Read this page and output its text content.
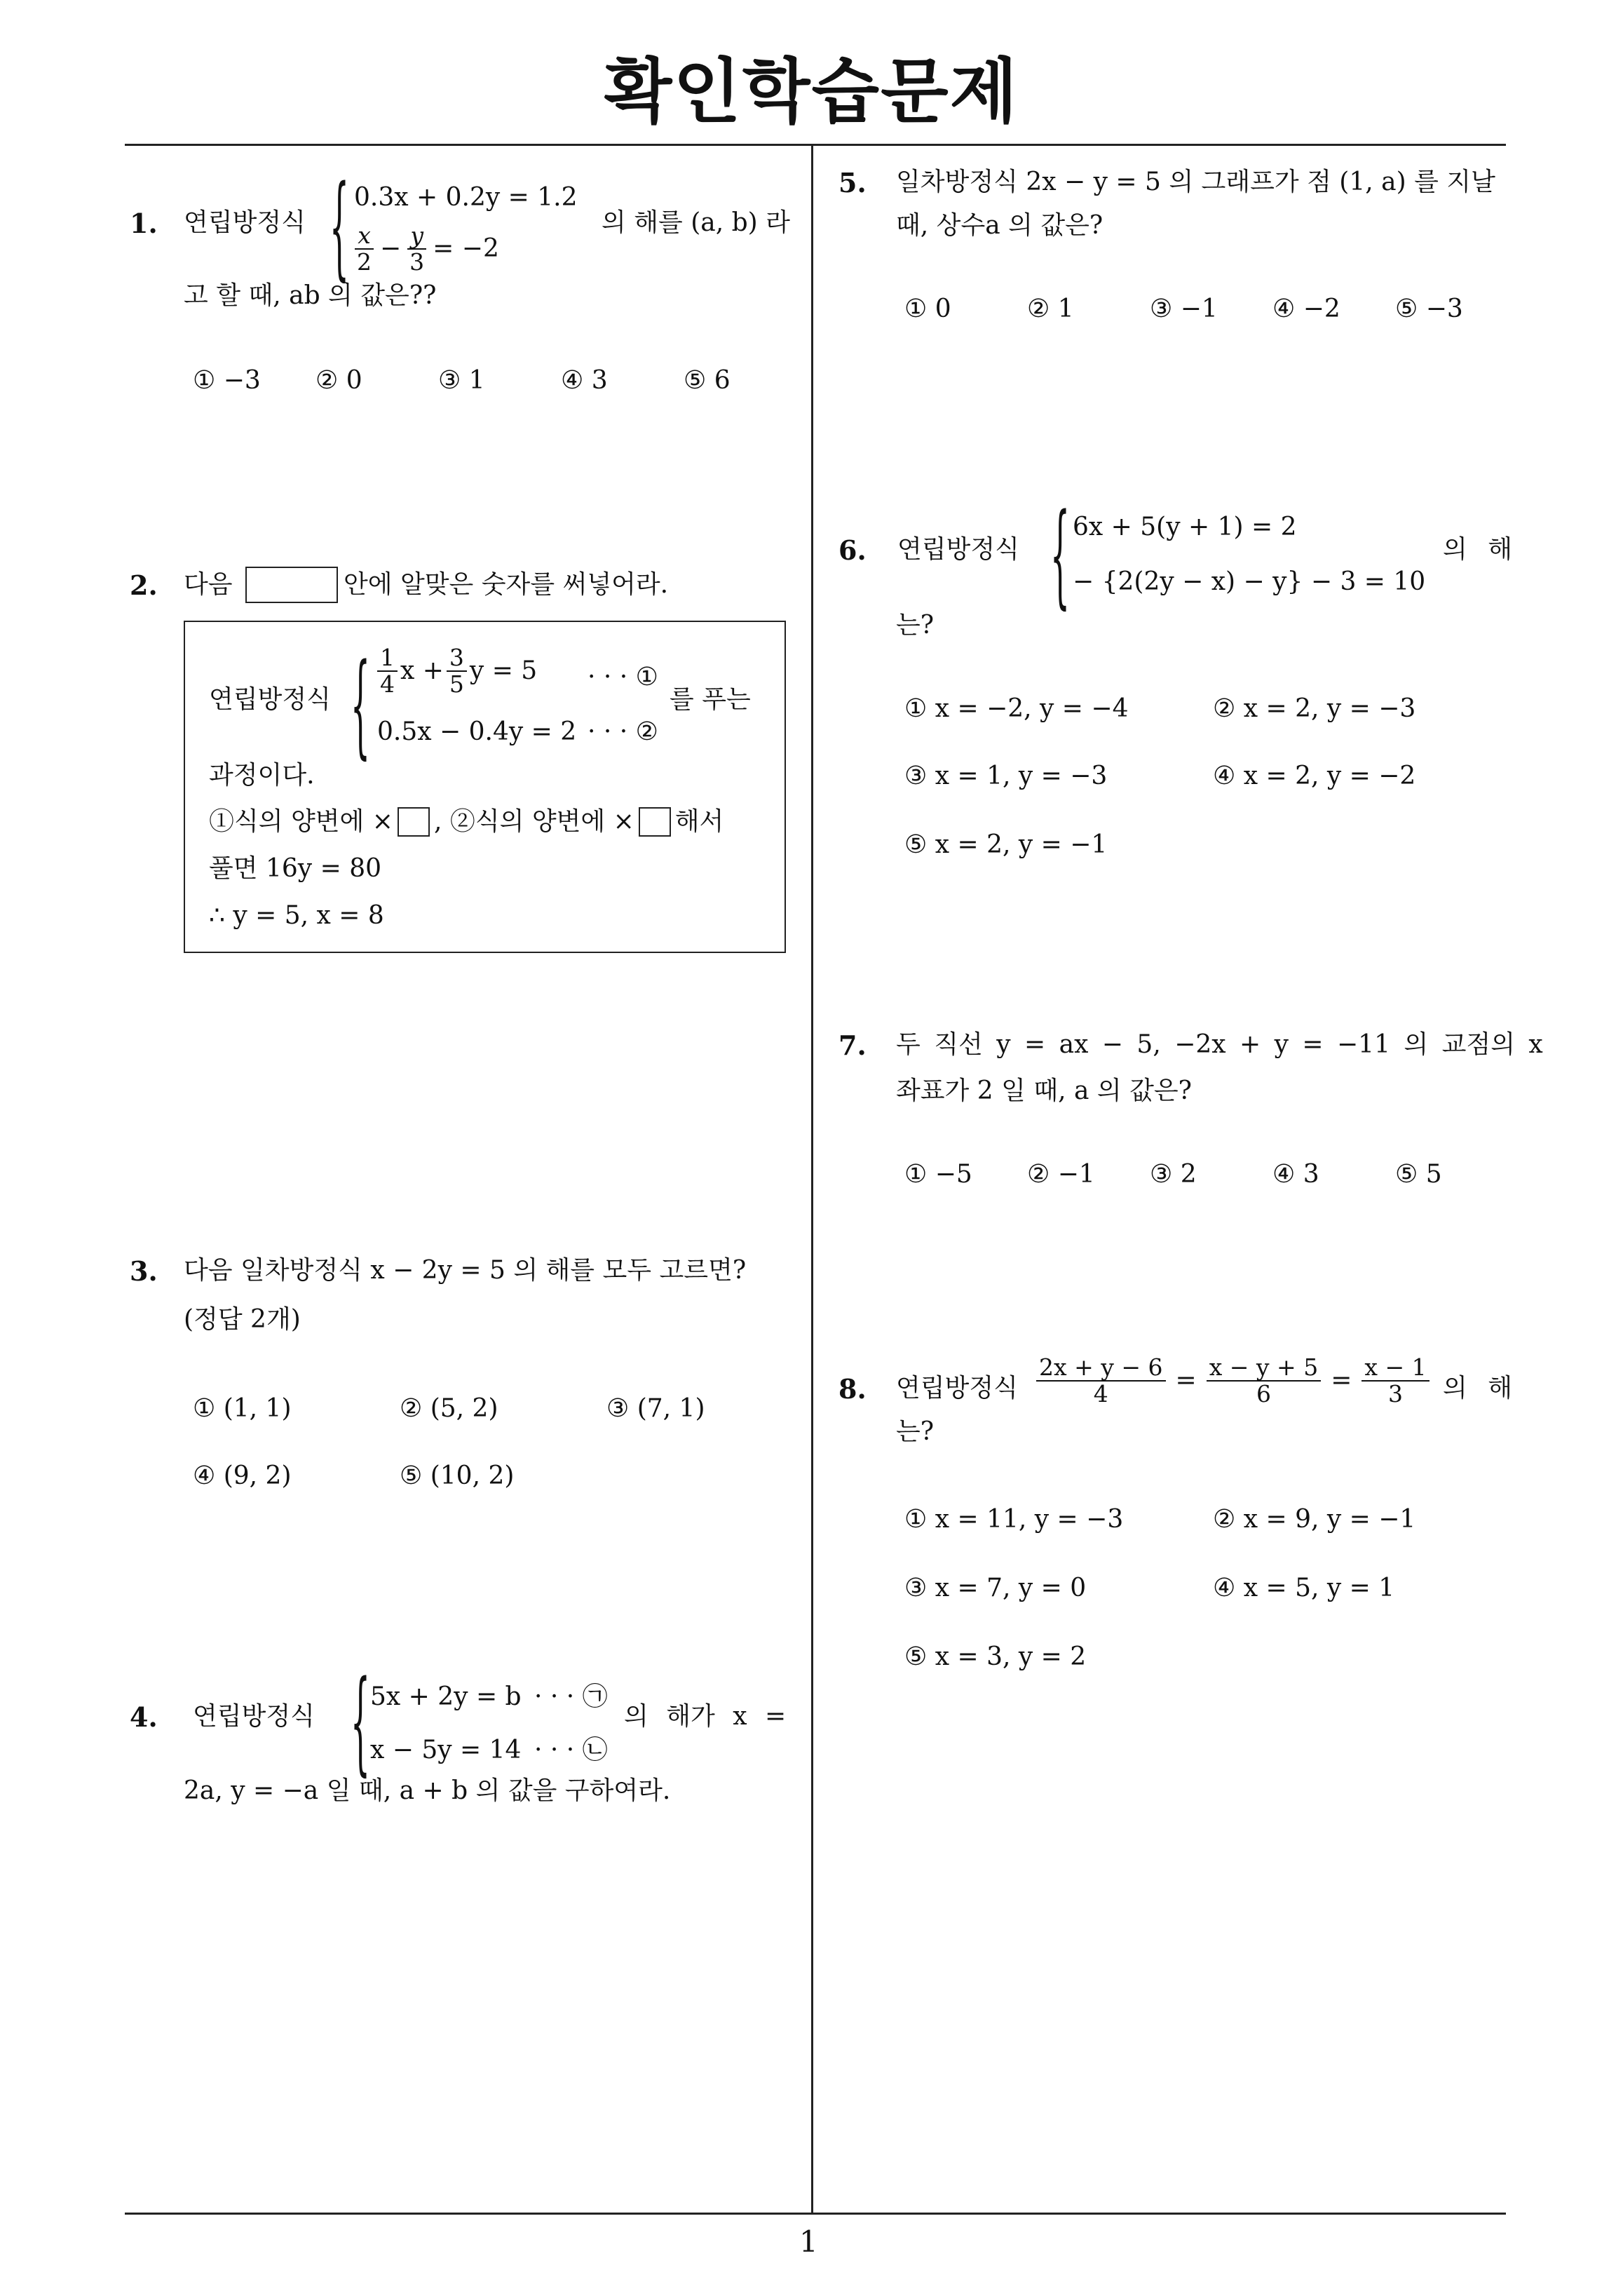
확인학습문제
1
1. 연립방정식 { 0.3x + 0.2y = 1.2
$\frac{x}{2} - \frac{y}{3} = -2$
의 해를 (a, b) 라
고 할 때, ab 의 값은??
① −3 ② 0	③ 1	④ 3	⑤ 6
2. 다음	안에 알맞은 숫자를 써넣어라.
연립방정식 { $\frac{1}{4}$ $x + \frac{3}{5}$ y = 5 · · · ①
0.5x − 0.4y = 2 · · · ②
를 푸는
과정이다.
①식의 양변에 × , ②식의 양변에 × 해서
풀면 16y = 80
∴ y = 5, x = 8
3. 다음 일차방정식 x − 2y = 5 의 해를 모두 고르면?
(정답 2개)
① (1, 1)	② (5, 2)	③ (7, 1)
④ (9, 2)	⑤ (10, 2)
4. 연립방정식 { 5x + 2y = b · · · ㉠
x − 5y = 14 · · · ㉡
의 해가 x =
2a, y = −a 일 때, a + b 의 값을 구하여라.
5. 일차방정식 2x − y = 5 의 그래프가 점 (1, a) 를 지날
때, 상수a 의 값은?
① 0	② 1	③ −1 ④ −2 ⑤ −3
6. 연립방정식 { 6x + 5(y + 1) = 2
− {2(2y − x) − y} − 3 = 10
의 해
는?
① x = −2, y = −4	② x = 2, y = −3
③ x = 1, y = −3	④ x = 2, y = −2
⑤ x = 2, y = −1
7. 두 직선 y = ax − 5, −2x + y = −11 의 교점의 x
좌표가 2 일 때, a 의 값은?
① −5 ② −1 ③ 2	④ 3	⑤ 5
8. 연립방정식 $\frac{2x + y - 6}{4} = \frac{x - y + 5}{6} = \frac{x - 1}{3}$ 의 해
는?
① x = 11, y = −3	② x = 9, y = −1
③ x = 7, y = 0	④ x = 5, y = 1
⑤ x = 3, y = 2
